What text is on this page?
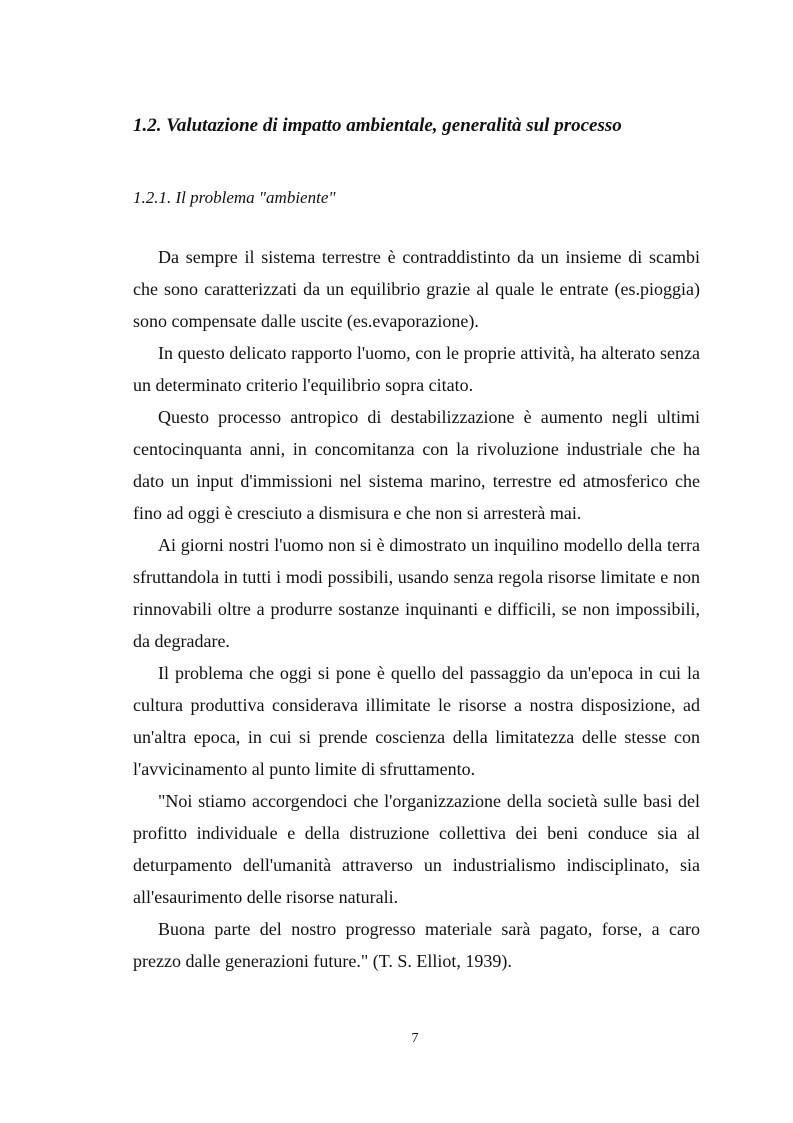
1.2. Valutazione di impatto ambientale, generalità sul processo
1.2.1. Il problema "ambiente"

Da sempre il sistema terrestre è contraddistinto da un insieme di scambi che sono caratterizzati da un equilibrio grazie al quale le entrate (es.pioggia) sono compensate dalle uscite (es.evaporazione).

In questo delicato rapporto l'uomo, con le proprie attività, ha alterato senza un determinato criterio l'equilibrio sopra citato.

Questo processo antropico di destabilizzazione è aumento negli ultimi centocinquanta anni, in concomitanza con la rivoluzione industriale che ha dato un input d'immissioni nel sistema marino, terrestre ed atmosferico che fino ad oggi è cresciuto a dismisura e che non si arresterà mai.

Ai giorni nostri l'uomo non si è dimostrato un inquilino modello della terra sfruttandola in tutti i modi possibili, usando senza regola risorse limitate e non rinnovabili oltre a produrre sostanze inquinanti e difficili, se non impossibili, da degradare.

Il problema che oggi si pone è quello del passaggio da un'epoca in cui la cultura produttiva considerava illimitate le risorse a nostra disposizione, ad un'altra epoca, in cui si prende coscienza della limitatezza delle stesse con l'avvicinamento al punto limite di sfruttamento.

"Noi stiamo accorgendoci che l'organizzazione della società sulle basi del profitto individuale e della distruzione collettiva dei beni conduce sia al deturpamento dell'umanità attraverso un industrialismo indisciplinato, sia all'esaurimento delle risorse naturali.

Buona parte del nostro progresso materiale sarà pagato, forse, a caro prezzo dalle generazioni future." (T. S. Elliot, 1939).

7
